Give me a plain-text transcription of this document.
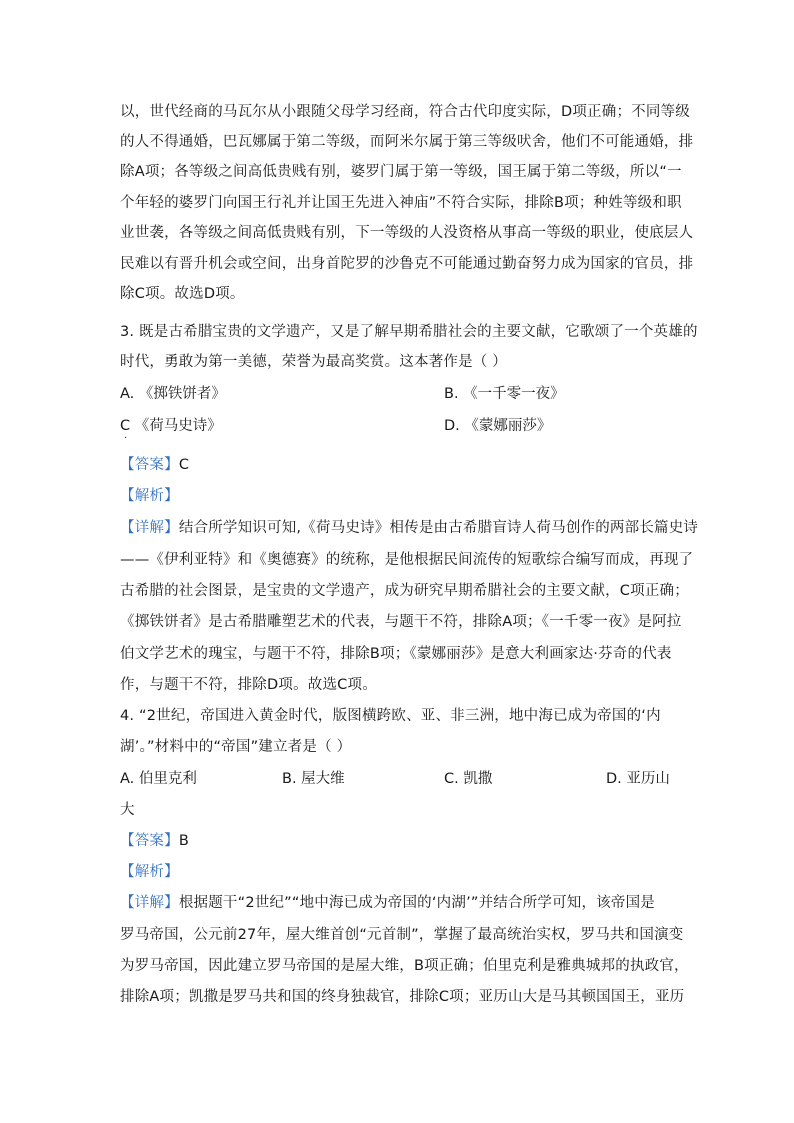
以，世代经商的马瓦尔从小跟随父母学习经商，符合古代印度实际，D项正确；不同等级
的人不得通婚，巴瓦娜属于第二等级，而阿米尔属于第三等级吠舍，他们不可能通婚，排
除A项；各等级之间高低贵贱有别，婆罗门属于第一等级，国王属于第二等级，所以“一
个年轻的婆罗门向国王行礼并让国王先进入神庙”不符合实际，排除B项；种姓等级和职
业世袭，各等级之间高低贵贱有别，下一等级的人没资格从事高一等级的职业，使底层人
民难以有晋升机会或空间，出身首陀罗的沙鲁克不可能通过勤奋努力成为国家的官员，排
除C项。故选D项。
3. 既是古希腊宝贵的文学遗产，又是了解早期希腊社会的主要文献，它歌颂了一个英雄的
时代，勇敢为第一美德，荣誉为最高奖赏。这本著作是（ ）
A. 《掷铁饼者》	B. 《一千零一夜》
C 《荷马史诗》
·
D. 《蒙娜丽莎》
【答案】C
【解析】
【详解】结合所学知识可知,《荷马史诗》相传是由古希腊盲诗人荷马创作的两部长篇史诗
——《伊利亚特》和《奥德赛》的统称，是他根据民间流传的短歌综合编写而成，再现了
古希腊的社会图景，是宝贵的文学遗产，成为研究早期希腊社会的主要文献，C项正确；
《掷铁饼者》是古希腊雕塑艺术的代表，与题干不符，排除A项；《一千零一夜》是阿拉
伯文学艺术的瑰宝，与题干不符，排除B项；《蒙娜丽莎》是意大利画家达·芬奇的代表
作，与题干不符，排除D项。故选C项。
4. “2世纪，帝国进入黄金时代，版图横跨欧、亚、非三洲，地中海已成为帝国的‘内
湖’。”材料中的“帝国”建立者是（ ）
A. 伯里克利	B. 屋大维	C. 凯撒	D. 亚历山
大
【答案】B
【解析】
【详解】根据题干“2世纪”“地中海已成为帝国的‘内湖’”并结合所学可知，该帝国是
罗马帝国，公元前27年，屋大维首创“元首制”，掌握了最高统治实权，罗马共和国演变
为罗马帝国，因此建立罗马帝国的是屋大维，B项正确；伯里克利是雅典城邦的执政官，
排除A项；凯撒是罗马共和国的终身独裁官，排除C项；亚历山大是马其顿国国王，亚历
